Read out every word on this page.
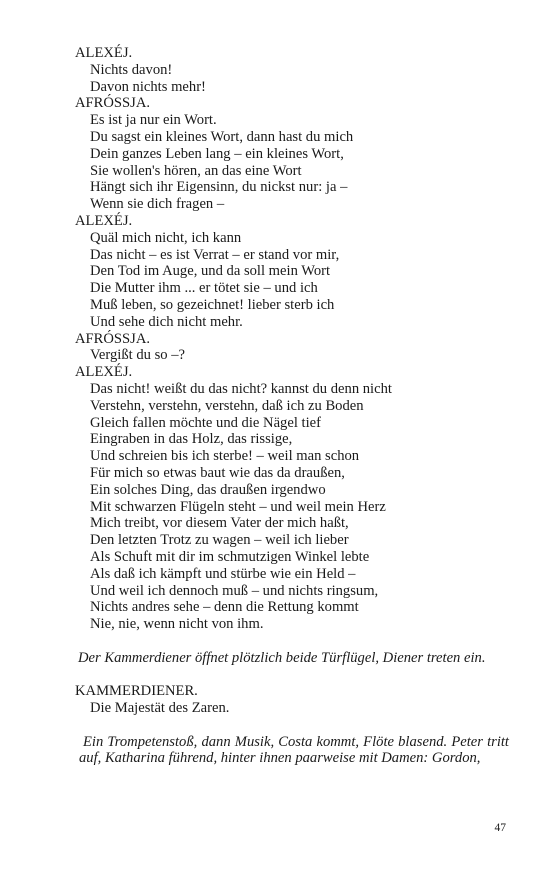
ALEXÉJ.
Nichts davon!
Davon nichts mehr!
AFRÓSSJA.
Es ist ja nur ein Wort.
Du sagst ein kleines Wort, dann hast du mich
Dein ganzes Leben lang – ein kleines Wort,
Sie wollen's hören, an das eine Wort
Hängt sich ihr Eigensinn, du nickst nur: ja –
Wenn sie dich fragen –
ALEXÉJ.
Quäl mich nicht, ich kann
Das nicht – es ist Verrat – er stand vor mir,
Den Tod im Auge, und da soll mein Wort
Die Mutter ihm ... er tötet sie – und ich
Muß leben, so gezeichnet! lieber sterb ich
Und sehe dich nicht mehr.
AFRÓSSJA.
Vergißt du so –?
ALEXÉJ.
Das nicht! weißt du das nicht? kannst du denn nicht
Verstehn, verstehn, verstehn, daß ich zu Boden
Gleich fallen möchte und die Nägel tief
Eingraben in das Holz, das rissige,
Und schreien bis ich sterbe! – weil man schon
Für mich so etwas baut wie das da draußen,
Ein solches Ding, das draußen irgendwo
Mit schwarzen Flügeln steht – und weil mein Herz
Mich treibt, vor diesem Vater der mich haßt,
Den letzten Trotz zu wagen – weil ich lieber
Als Schuft mit dir im schmutzigen Winkel lebte
Als daß ich kämpft und stürbe wie ein Held –
Und weil ich dennoch muß – und nichts ringsum,
Nichts andres sehe – denn die Rettung kommt
Nie, nie, wenn nicht von ihm.
Der Kammerdiener öffnet plötzlich beide Türflügel, Diener treten ein.
KAMMERDIENER.
Die Majestät des Zaren.
Ein Trompetenstoß, dann Musik, Costa kommt, Flöte blasend. Peter tritt auf, Katharina führend, hinter ihnen paarweise mit Damen: Gordon,
47
